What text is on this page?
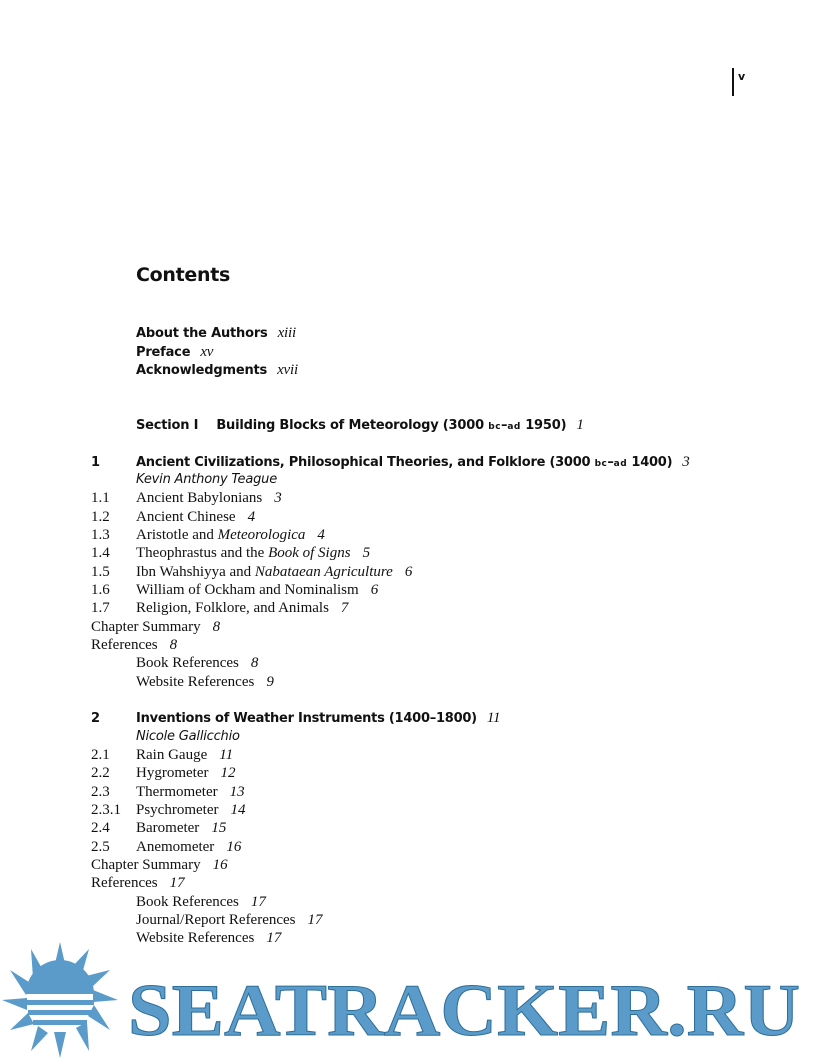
v
Contents
About the Authors xiii
Preface xv
Acknowledgments xvii
Section I Building Blocks of Meteorology (3000 bc–ad 1950) 1
1	Ancient Civilizations, Philosophical Theories, and Folklore (3000 bc–ad 1400) 3
Kevin Anthony Teague
1.1 Ancient Babylonians 3
1.2 Ancient Chinese 4
1.3 Aristotle and Meteorologica 4
1.4 Theophrastus and the Book of Signs 5
1.5 Ibn Wahshiyya and Nabataean Agriculture 6
1.6 William of Ockham and Nominalism 6
1.7 Religion, Folklore, and Animals 7
Chapter Summary 8
References 8
Book References 8
Website References 9
2	Inventions of Weather Instruments (1400–1800) 11
Nicole Gallicchio
2.1 Rain Gauge 11
2.2 Hygrometer 12
2.3 Thermometer 13
2.3.1 Psychrometer 14
2.4 Barometer 15
2.5 Anemometer 16
Chapter Summary 16
References 17
Book References 17
Journal/Report References 17
Website References 17
SEATRACKER.RU
